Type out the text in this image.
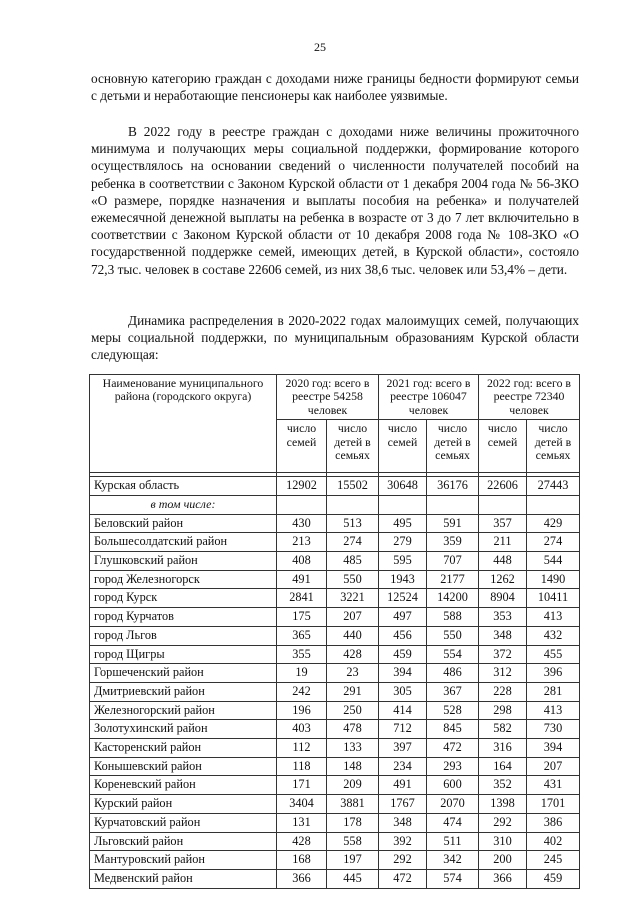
25

основную категорию граждан с доходами ниже границы бедности формируют семьи с детьми и неработающие пенсионеры как наиболее уязвимые.

В 2022 году в реестре граждан с доходами ниже величины прожиточного минимума и получающих меры социальной поддержки, формирование которого осуществлялось на основании сведений о численности получателей пособий на ребенка в соответствии с Законом Курской области от 1 декабря 2004 года № 56-ЗКО «О размере, порядке назначения и выплаты пособия на ребенка» и получателей ежемесячной денежной выплаты на ребенка в возрасте от 3 до 7 лет включительно в соответствии с Законом Курской области от 10 декабря 2008 года № 108-ЗКО «О государственной поддержке семей, имеющих детей, в Курской области», состояло 72,3 тыс. человек в составе 22606 семей, из них 38,6 тыс. человек или 53,4% – дети.

Динамика распределения в 2020-2022 годах малоимущих семей, получающих меры социальной поддержки, по муниципальным образованиям Курской области следующая:

Наименование муниципального района (городского округа)	2020 год: всего в реестре 54258 человек		2021 год: всего в реестре 106047 человек		2022 год: всего в реестре 72340 человек	
	число семей	число детей в семьях	число семей	число детей в семьях	число семей	число детей в семьях

Курская область	12902	15502	30648	36176	22606	27443
в том числе:						
Беловский район	430	513	495	591	357	429
Большесолдатский район	213	274	279	359	211	274
Глушковский район	408	485	595	707	448	544
город Железногорск	491	550	1943	2177	1262	1490
город Курск	2841	3221	12524	14200	8904	10411
город Курчатов	175	207	497	588	353	413
город Льгов	365	440	456	550	348	432
город Щигры	355	428	459	554	372	455
Горшеченский район	19	23	394	486	312	396
Дмитриевский район	242	291	305	367	228	281
Железногорский район	196	250	414	528	298	413
Золотухинский район	403	478	712	845	582	730
Касторенский район	112	133	397	472	316	394
Конышевский район	118	148	234	293	164	207
Кореневский район	171	209	491	600	352	431
Курский район	3404	3881	1767	2070	1398	1701
Курчатовский район	131	178	348	474	292	386
Льговский район	428	558	392	511	310	402
Мантуровский район	168	197	292	342	200	245
Медвенский район	366	445	472	574	366	459
